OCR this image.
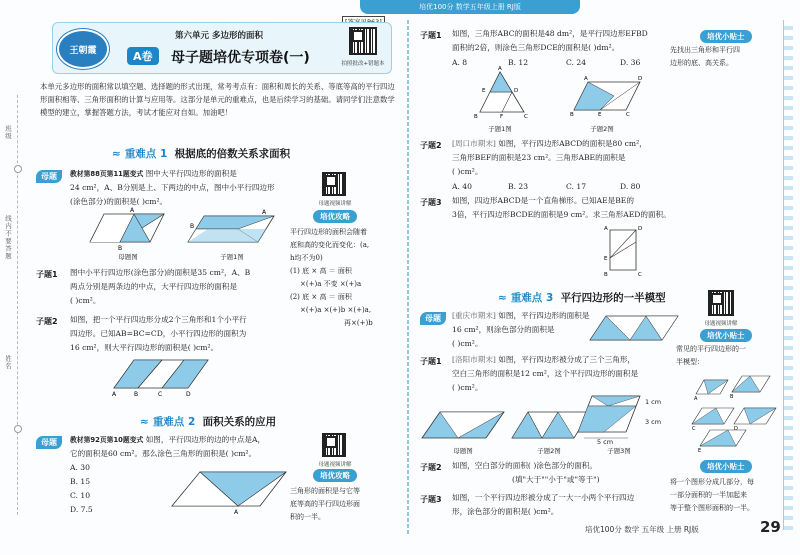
培优100分 数学五年级上册 RJ版
班级
线内不要答题
姓名
王朝霞
第六单元 多边形的面积
A卷	母子题培优专项卷(一)	拍照批改+错题本
本单元多边形的面积常以填空题、选择题的形式出现，常考考点有：面积和周长的关系、等底等高的平行四边形面积相等、三角形面积的计算与应用等。这部分是单元的重难点，也是后续学习的基础。请同学们注意数学模型的建立，掌握答题方法，考试才能应对自如。加油吧！
≈ 重难点 1 根据底的倍数关系求面积
母题	教材第88页第11题变式 图中大平行四边形的面积是
24 cm²，A、B分别是上、下两边的中点，图中小平行四边形
(涂色部分)的面积是( )cm²。
A
B
母题图
A
B
子题1图
母题视频讲解
培优攻略
平行四边形的面积会随着
底和高的变化而变化：(a,
h均不为0)
(1) 底 × 高 ＝ 面积
×(+)a 不变 ×(+)a
(2) 底 × 高 ＝ 面积
×(+)a ×(+)b ×(+)a,
再×(+)b
子题1 图中小平行四边形(涂色部分)的面积是35 cm²，A、B
两点分别是两条边的中点，大平行四边形的面积是
( )cm²。
子题2 如图，把一个平行四边形分成2个三角形和1个小平行
四边形。已知AB=BC=CD，小平行四边形的面积为
16 cm²，则大平行四边形的面积是( )cm²。
A	B	C	D
≈ 重难点 2 面积关系的应用
母题	教材第92页第10题变式 如图，平行四边形的边的中点是A，
它的面积是60 cm²。那么涂色三角形的面积是( )cm²。
A. 30
B. 15
C. 10
D. 7.5	A
母题视频讲解
培优攻略
三角形的面积是与它等
底等高的平行四边形面
积的一半。
子题1 如图，三角形ABC的面积是48 dm²，是平行四边形EFBD
面积的2倍，则涂色三角形DCE的面积是( )dm²。
A. 8	B. 12	C. 24	D. 36
A
E	D
B	F	C
子题1图
A	D
B	E	C
子题2图
培优小贴士
先找出三角形和平行四
边形的底、高关系。
子题2 [周口市期末] 如图，平行四边形ABCD的面积是80 cm²，
三角形BEF的面积是23 cm²。三角形ABE的面积是
( )cm²。
A. 40	B. 23	C. 17	D. 80
子题3 如图，四边形ABCD是一个直角梯形。已知AE是BE的
3倍，平行四边形BCDE的面积是9 cm²。求三角形AED的面积。
A	D
E
B	C
≈ 重难点 3 平行四边形的一半模型
母题	[重庆市期末] 如图，平行四边形的面积是
16 cm²，则涂色部分的面积是
( )cm²。
母题视频讲解
培优小贴士
常见的平行四边形的一
半模型：
A	B
C	D
E
子题1 [洛阳市期末] 如图，平行四边形被分成了三个三角形，
空白三角形的面积是12 cm²，这个平行四边形的面积是
( )cm²。
母题图	子题2图
1 cm
3 cm
5 cm
子题3图
培优小贴士
将一个图形分成几部分，每
一部分面积的一半加起来
等于整个图形面积的一半。
子题2 如图，空白部分的面积( )涂色部分的面积。
(填"大于""小于"或"等于")
子题3 如图，一个平行四边形被分成了一大一小两个平行四边
形，涂色部分的面积是( )cm²。
培优100分 数学 五年级 上册 RJ版	29
